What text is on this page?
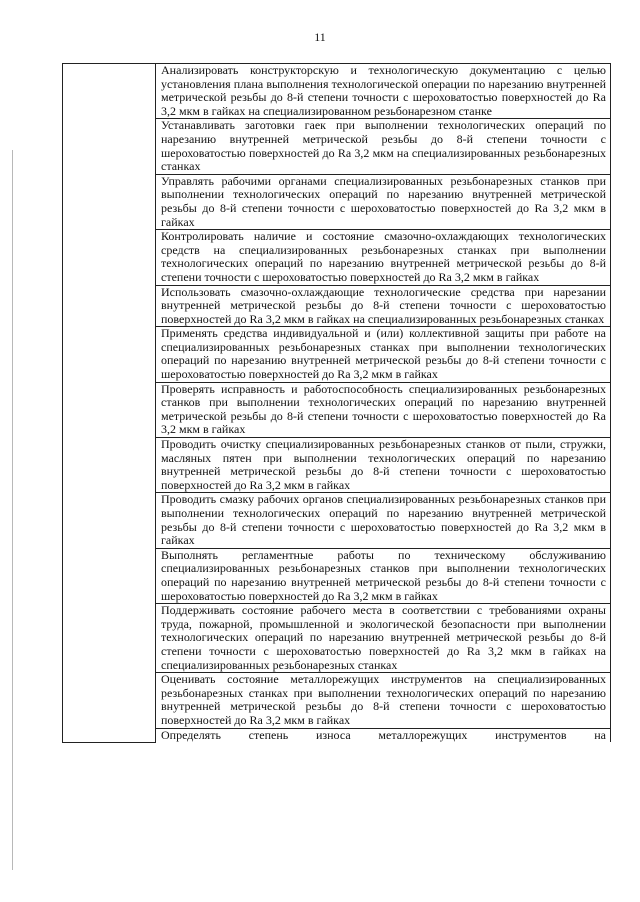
11
	Анализировать конструкторскую и технологическую документацию с целью установления плана выполнения технологической операции по нарезанию внутренней метрической резьбы до 8-й степени точности с шероховатостью поверхностей до Ra 3,2 мкм в гайках на специализированном резьбонарезном станке
Устанавливать заготовки гаек при выполнении технологических операций по нарезанию внутренней метрической резьбы до 8-й степени точности с шероховатостью поверхностей до Ra 3,2 мкм на специализированных резьбонарезных станках
Управлять рабочими органами специализированных резьбонарезных станков при выполнении технологических операций по нарезанию внутренней метрической резьбы до 8-й степени точности с шероховатостью поверхностей до Ra 3,2 мкм в гайках
Контролировать наличие и состояние смазочно-охлаждающих технологических средств на специализированных резьбонарезных станках при выполнении технологических операций по нарезанию внутренней метрической резьбы до 8-й степени точности с шероховатостью поверхностей до Ra 3,2 мкм в гайках
Использовать смазочно-охлаждающие технологические средства при нарезании внутренней метрической резьбы до 8-й степени точности с шероховатостью поверхностей до Ra 3,2 мкм в гайках на специализированных резьбонарезных станках
Применять средства индивидуальной и (или) коллективной защиты при работе на специализированных резьбонарезных станках при выполнении технологических операций по нарезанию внутренней метрической резьбы до 8-й степени точности с шероховатостью поверхностей до Ra 3,2 мкм в гайках
Проверять исправность и работоспособность специализированных резьбонарезных станков при выполнении технологических операций по нарезанию внутренней метрической резьбы до 8-й степени точности с шероховатостью поверхностей до Ra 3,2 мкм в гайках
Проводить очистку специализированных резьбонарезных станков от пыли, стружки, масляных пятен при выполнении технологических операций по нарезанию внутренней метрической резьбы до 8-й степени точности с шероховатостью поверхностей до Ra 3,2 мкм в гайках
Проводить смазку рабочих органов специализированных резьбонарезных станков при выполнении технологических операций по нарезанию внутренней метрической резьбы до 8-й степени точности с шероховатостью поверхностей до Ra 3,2 мкм в гайках
Выполнять регламентные работы по техническому обслуживанию специализированных резьбонарезных станков при выполнении технологических операций по нарезанию внутренней метрической резьбы до 8-й степени точности с шероховатостью поверхностей до Ra 3,2 мкм в гайках
Поддерживать состояние рабочего места в соответствии с требованиями охраны труда, пожарной, промышленной и экологической безопасности при выполнении технологических операций по нарезанию внутренней метрической резьбы до 8-й степени точности с шероховатостью поверхностей до Ra 3,2 мкм в гайках на специализированных резьбонарезных станках
Оценивать состояние металлорежущих инструментов на специализированных резьбонарезных станках при выполнении технологических операций по нарезанию внутренней метрической резьбы до 8-й степени точности с шероховатостью поверхностей до Ra 3,2 мкм в гайках
Определять степень износа металлорежущих инструментов на
